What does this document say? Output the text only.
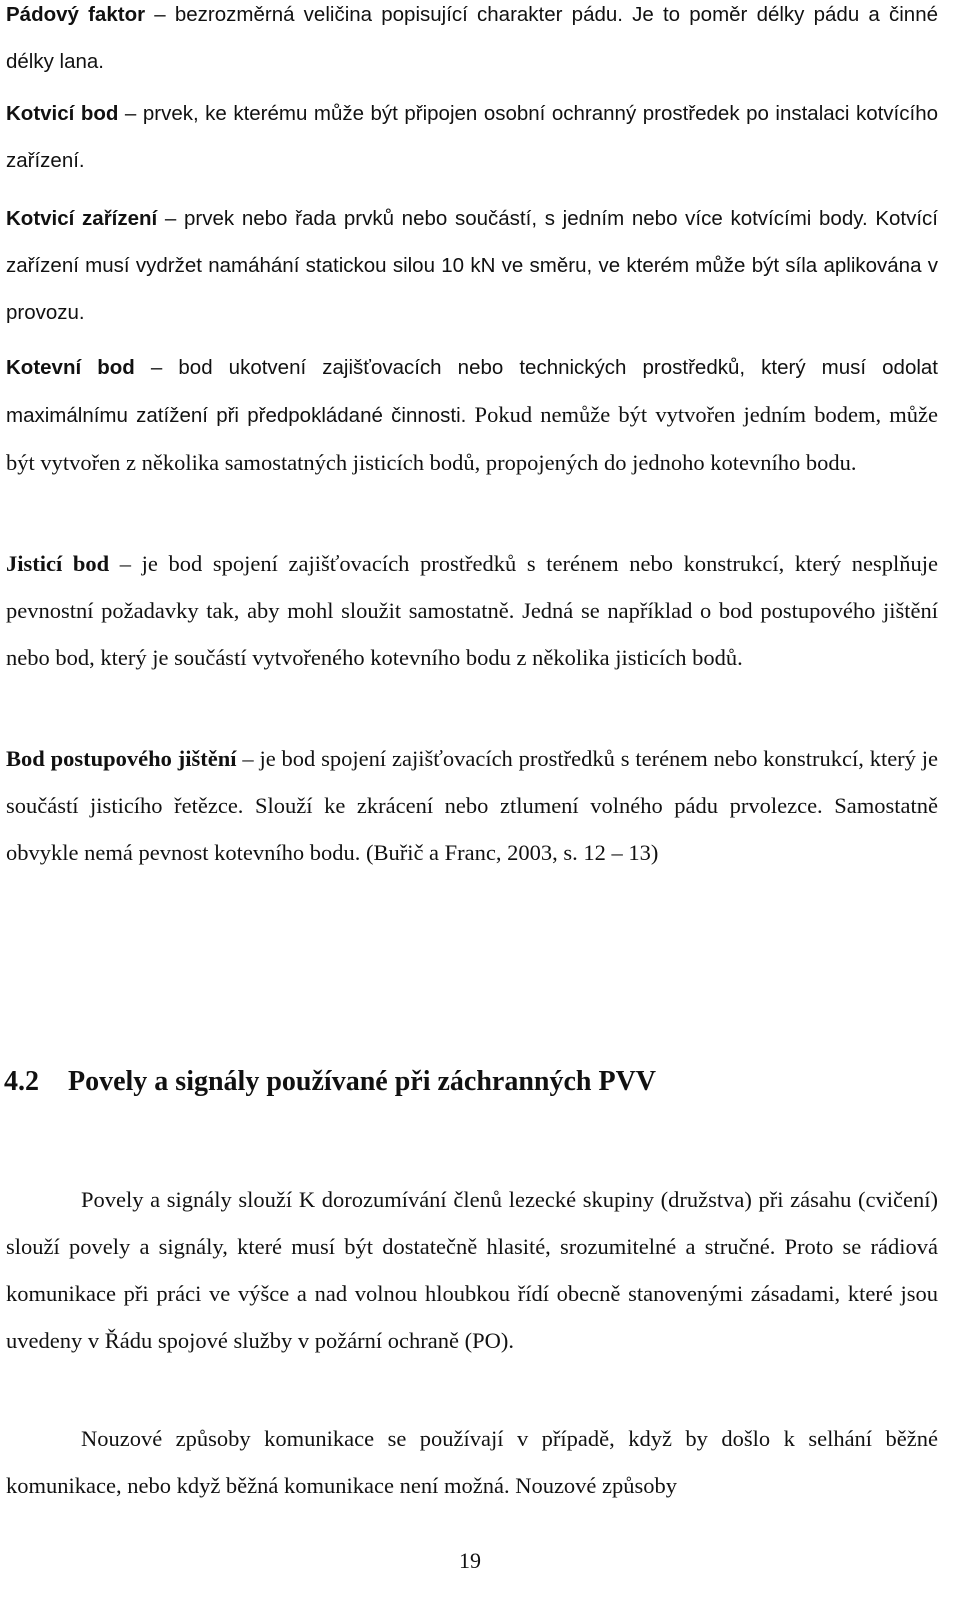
Pádový faktor – bezrozměrná veličina popisující charakter pádu. Je to poměr délky pádu a činné délky lana.

Kotvicí bod – prvek, ke kterému může být připojen osobní ochranný prostředek po instalaci kotvícího zařízení.

Kotvicí zařízení – prvek nebo řada prvků nebo součástí, s jedním nebo více kotvícími body. Kotvící zařízení musí vydržet namáhání statickou silou 10 kN ve směru, ve kterém může být síla aplikována v provozu.

Kotevní bod – bod ukotvení zajišťovacích nebo technických prostředků, který musí odolat maximálnímu zatížení při předpokládané činnosti. Pokud nemůže být vytvořen jedním bodem, může být vytvořen z několika samostatných jisticích bodů, propojených do jednoho kotevního bodu.

Jisticí bod – je bod spojení zajišťovacích prostředků s terénem nebo konstrukcí, který nesplňuje pevnostní požadavky tak, aby mohl sloužit samostatně. Jedná se například o bod postupového jištění nebo bod, který je součástí vytvořeného kotevního bodu z několika jisticích bodů.

Bod postupového jištění – je bod spojení zajišťovacích prostředků s terénem nebo konstrukcí, který je součástí jisticího řetězce. Slouží ke zkrácení nebo ztlumení volného pádu prvolezce. Samostatně obvykle nemá pevnost kotevního bodu. (Buřič a Franc, 2003, s. 12 – 13)

4.2 Povely a signály používané při záchranných PVV

Povely a signály slouží K dorozumívání členů lezecké skupiny (družstva) při zásahu (cvičení) slouží povely a signály, které musí být dostatečně hlasité, srozumitelné a stručné. Proto se rádiová komunikace při práci ve výšce a nad volnou hloubkou řídí obecně stanovenými zásadami, které jsou uvedeny v Řádu spojové služby v požární ochraně (PO).

Nouzové způsoby komunikace se používají v případě, když by došlo k selhání běžné komunikace, nebo když běžná komunikace není možná. Nouzové způsoby

19
